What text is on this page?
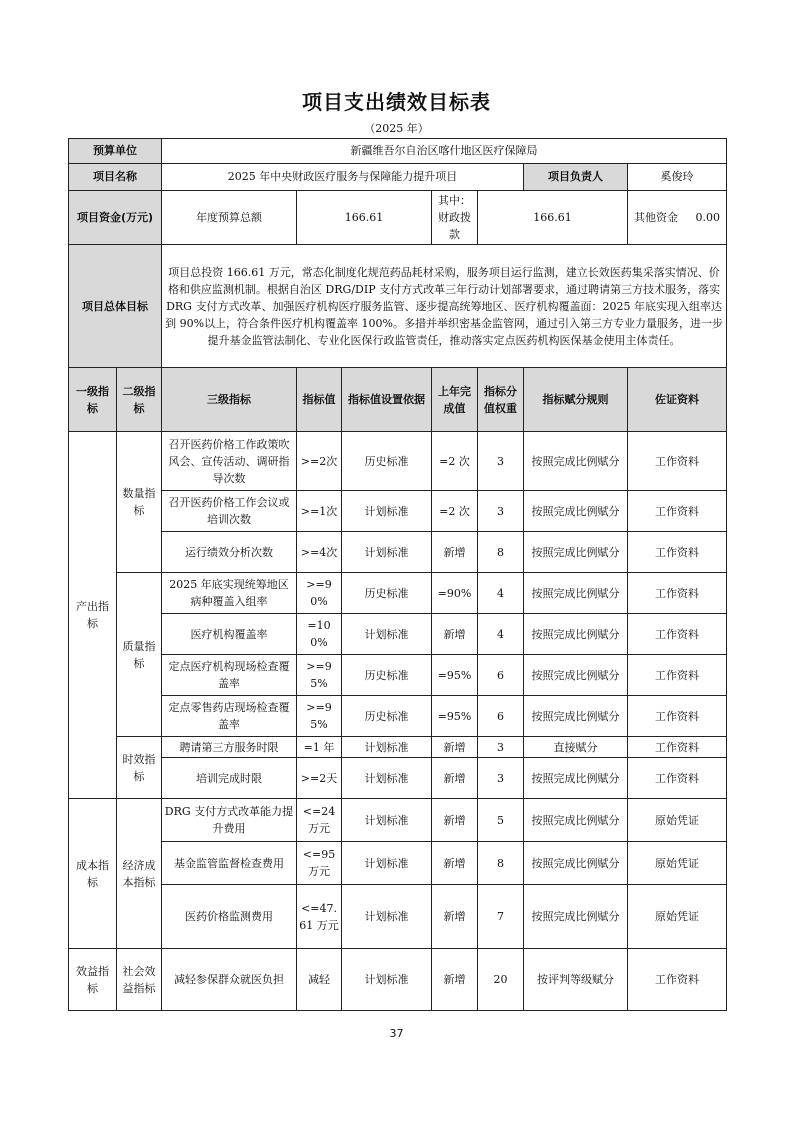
项目支出绩效目标表
（2025 年）
预算单位		新疆维吾尔自治区喀什地区医疗保障局						
项目名称		2025 年中央财政医疗服务与保障能力提升项目					项目负责人	奚俊玲
项目资金(万元)		年度预算总额	166.61		其中：财政拨款	166.61		其他资金 0.00
项目总体目标		项目总投资 166.61 万元，常态化制度化规范药品耗材采购，服务项目运行监测，建立长效医药集采落实情况、价格和供应监测机制。根据自治区 DRG/DIP 支付方式改革三年行动计划部署要求，通过聘请第三方技术服务，落实 DRG 支付方式改革、加强医疗机构医疗服务监管、逐步提高统筹地区、医疗机构覆盖面：2025 年底实现入组率达到 90%以上，符合条件医疗机构覆盖率 100%。多措并举织密基金监管网，通过引入第三方专业力量服务，进一步提升基金监管法制化、专业化医保行政监管责任，推动落实定点医药机构医保基金使用主体责任。						
一级指标	二级指标	三级指标	指标值	指标值设置依据	上年完成值	指标分值权重	指标赋分规则	佐证资料
产出指标	数量指标	召开医药价格工作政策吹风会、宣传活动、调研指导次数	>=2次	历史标准	=2 次	3	按照完成比例赋分	工作资料
		召开医药价格工作会议或培训次数	>=1次	计划标准	=2 次	3	按照完成比例赋分	工作资料
		运行绩效分析次数	>=4次	计划标准	新增	8	按照完成比例赋分	工作资料
	质量指标	2025 年底实现统筹地区病种覆盖入组率	>=90%	历史标准	=90%	4	按照完成比例赋分	工作资料
		医疗机构覆盖率	=100%	计划标准	新增	4	按照完成比例赋分	工作资料
		定点医疗机构现场检查覆盖率	>=95%	历史标准	=95%	6	按照完成比例赋分	工作资料
		定点零售药店现场检查覆盖率	>=95%	历史标准	=95%	6	按照完成比例赋分	工作资料
	时效指标	聘请第三方服务时限	=1 年	计划标准	新增	3	直接赋分	工作资料
		培训完成时限	>=2天	计划标准	新增	3	按照完成比例赋分	工作资料
成本指标	经济成本指标	DRG 支付方式改革能力提升费用	<=24万元	计划标准	新增	5	按照完成比例赋分	原始凭证
		基金监管监督检查费用	<=95万元	计划标准	新增	8	按照完成比例赋分	原始凭证
		医药价格监测费用	<=47.61 万元	计划标准	新增	7	按照完成比例赋分	原始凭证
效益指标	社会效益指标	减轻参保群众就医负担	减轻	计划标准	新增	20	按评判等级赋分	工作资料
37
